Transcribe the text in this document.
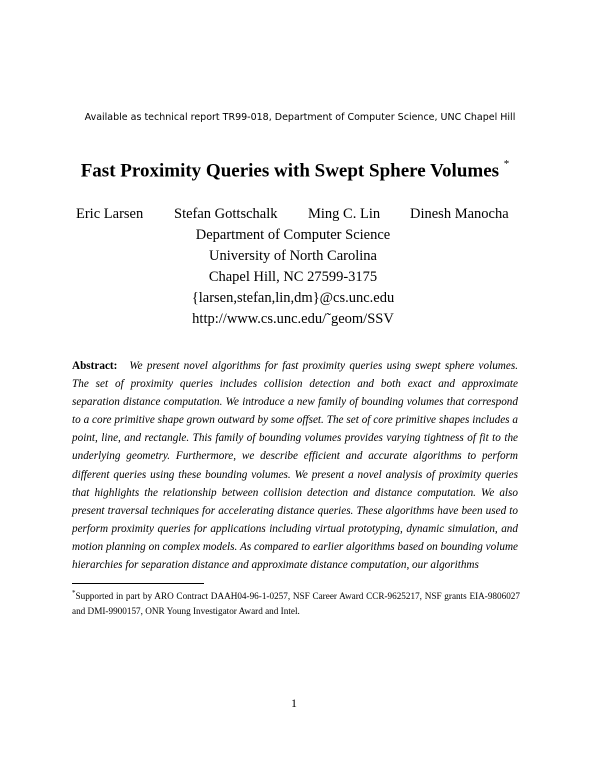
Available as technical report TR99-018, Department of Computer Science, UNC Chapel Hill
Fast Proximity Queries with Swept Sphere Volumes *
Eric Larsen Stefan Gottschalk Ming C. Lin Dinesh Manocha
Department of Computer Science
University of North Carolina
Chapel Hill, NC 27599-3175
{larsen,stefan,lin,dm}@cs.unc.edu
http://www.cs.unc.edu/˜geom/SSV
Abstract: We present novel algorithms for fast proximity queries using swept sphere volumes. The set of proximity queries includes collision detection and both exact and approximate separation distance computation. We introduce a new family of bounding volumes that correspond to a core primitive shape grown outward by some offset. The set of core primitive shapes includes a point, line, and rectangle. This family of bounding volumes provides varying tightness of fit to the underlying geometry. Furthermore, we describe efficient and accurate algorithms to perform different queries using these bounding volumes. We present a novel analysis of proximity queries that highlights the relationship between collision detection and distance computation. We also present traversal techniques for accelerating distance queries. These algorithms have been used to perform proximity queries for applications including virtual prototyping, dynamic simulation, and motion planning on complex models. As compared to earlier algorithms based on bounding volume hierarchies for separation distance and approximate distance computation, our algorithms
*Supported in part by ARO Contract DAAH04-96-1-0257, NSF Career Award CCR-9625217, NSF grants EIA-9806027 and DMI-9900157, ONR Young Investigator Award and Intel.
1
